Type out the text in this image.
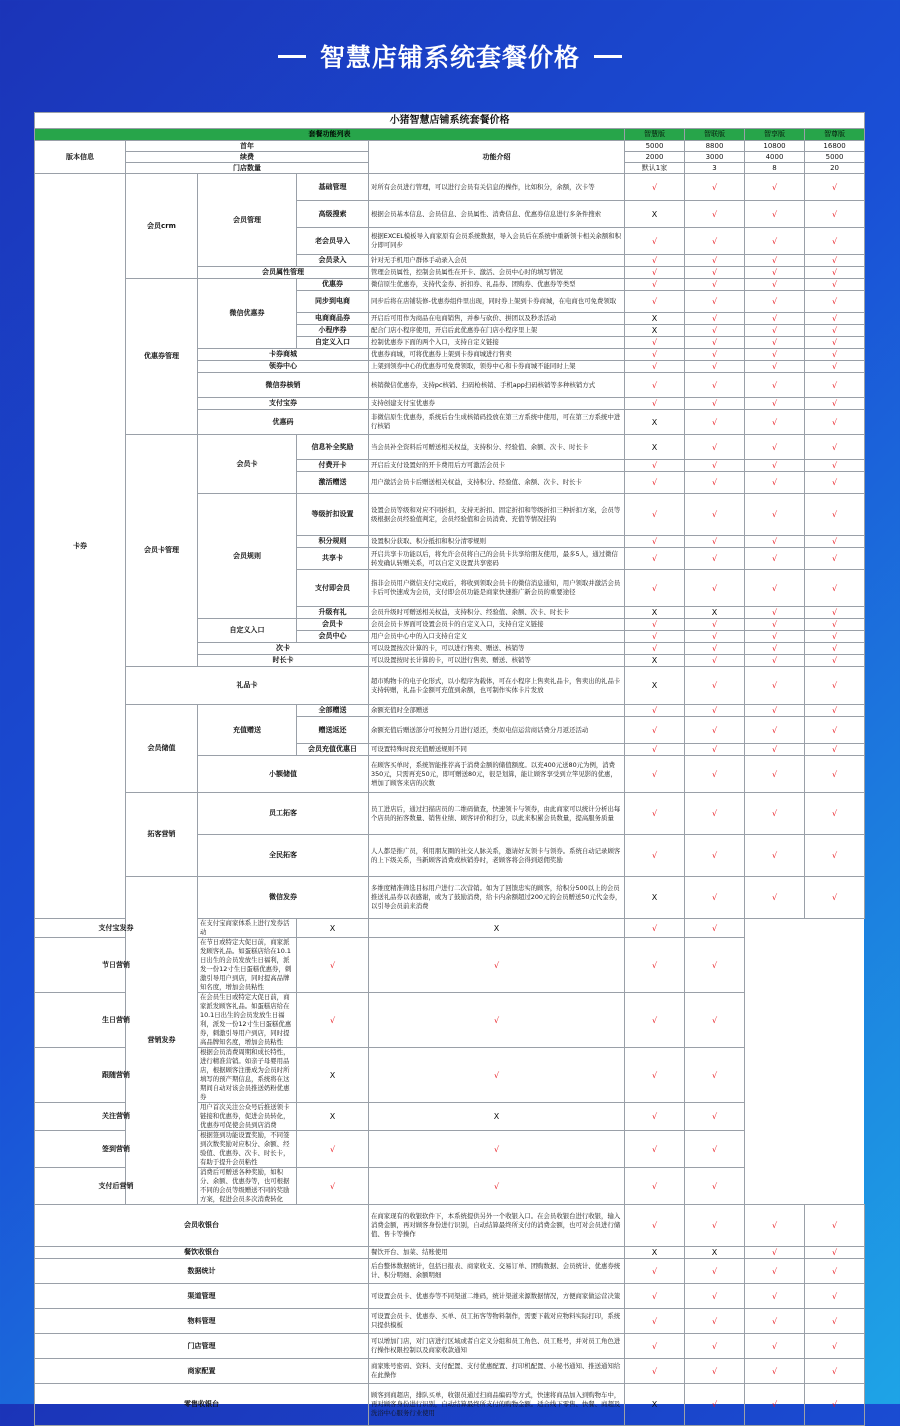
智慧店铺系统套餐价格
小猪智慧店铺系统套餐价格								
套餐功能列表					智慧版	智联版	智享版	智尊版
版本信息	首年			功能介绍	5000	8800	10800	16800
	续费				2000	3000	4000	5000
	门店数量				默认1家	3	8	20
卡券	会员crm	会员管理	基础管理	对所有会员进行管理，可以进行会员有关信息的操作，比如积分，余额，次卡等	√	√	√	√
			高级搜索	根据会员基本信息、会员信息、会员属性、消费信息、优惠券信息进行多条件搜索	X	√	√	√
			老会员导入	根据EXCEL模板导入商家原有会员系统数据，导入会员后在系统中重新领卡相关余额和积分即可同步	√	√	√	√
			会员录入	针对无手机用户群体手动录入会员	√	√	√	√
		会员属性管理		管理会员属性，控制会员属性在开卡、激活、会员中心时的填写情况	√	√	√	√
	优惠券管理	微信优惠券	优惠券	微信原生优惠券，支持代金券、折扣券、礼品券、团购券、优惠券等类型	√	√	√	√
			同步到电商	同步后将在店铺装修-优惠券组件里出现，同时券上架到卡券商城，在电商也可免费领取	√	√	√	√
			电商商品券	开启后可用作为商品在电商销售，并参与砍价、拼团以及秒杀活动	X	√	√	√
			小程序券	配合门店小程序使用，开启后此优惠券在门店小程序里上架	X	√	√	√
			自定义入口	控制优惠券下面的两个入口，支持自定义链接	√	√	√	√
		卡券商城		优惠券商城，可将优惠券上架到卡券商城进行售卖	√	√	√	√
		领券中心		上架到领券中心的优惠券可免费领取，领券中心和卡券商城不能同时上架	√	√	√	√
		微信券核销		核销微信优惠券，支持pc核销、扫码枪核销、手机app扫码核销等多种核销方式	√	√	√	√
		支付宝券		支持创建支付宝优惠券	√	√	√	√
		优惠码		非微信原生优惠券，系统后台生成核销码投放在第三方系统中使用，可在第三方系统中进行核销	X	√	√	√
	会员卡管理	会员卡	信息补全奖励	当会员补全资料后可赠送相关权益，支持积分、经验值、余额、次卡、时长卡	X	√	√	√
			付费开卡	开启后支付设置好的开卡费用后方可激活会员卡	√	√	√	√
			激活赠送	用户激活会员卡后赠送相关权益，支持积分、经验值、余额、次卡、时长卡	√	√	√	√
		会员规则	等级折扣设置	设置会员等级和对应不同折扣，支持无折扣、固定折扣和等级折扣三种折扣方案，会员等级根据会员经验值判定，会员经验值和会员消费、充值等情况挂钩	√	√	√	√
			积分规则	设置积分获取、积分抵扣和积分清零规则	√	√	√	√
			共享卡	开启共享卡功能以后，将允许会员将自己的会员卡共享给朋友使用，最多5人，通过微信转发确认转赠关系，可以自定义设置共享密码	√	√	√	√
			支付即会员	指非会员用户微信支付完成后，将收到领取会员卡的微信消息通知，用户领取并激活会员卡后可快速成为会员，支付即会员功能是商家快速推广新会员的重要途径	√	√	√	√
			升级有礼	会员升级时可赠送相关权益，支持积分、经验值、余额、次卡、时长卡	X	X	√	√
		自定义入口	会员卡	会员会员卡界面可设置会员卡的自定义入口，支持自定义链接	√	√	√	√
			会员中心	用户会员中心中的入口支持自定义	√	√	√	√
		次卡		可以设置按次计算的卡，可以进行售卖、赠送、核销等	√	√	√	√
		时长卡		可以设置按时长计算的卡，可以进行售卖、赠送、核销等	X	√	√	√
	礼品卡			超市购物卡的电子化形式，以小程序为载体，可在小程序上售卖礼品卡，售卖出的礼品卡支持转赠，礼品卡金额可充值到余额，也可制作实体卡片发放	X	√	√	√
	会员储值	充值赠送	全部赠送	余额充值时全部赠送	√	√	√	√
			赠送返还	余额充值后赠送部分可按照分月进行返还，类似电信运营商话费分月返还活动	√	√	√	√
			会员充值优惠日	可设置特殊时段充值赠送规则不同	√	√	√	√
		小额储值		在顾客买单时，系统智能推荐高于消费金额的储值额度。以充400元送80元为例，消费350元，只需再充50元，即可赠送80元，很是划算，能让顾客享受到立竿见影的优惠，增加了顾客来店的次数	√	√	√	√
	拓客营销	员工拓客		员工进店后，通过扫描店员的二维码做查，快速领卡与领券，由此商家可以统计分析出每个店员的拓客数量、销售业绩、顾客评价和打分，以此来积累会员数量，提高服务质量	√	√	√	√
		全民拓客		人人都是推广员，利用朋友圈的社交人脉关系，邀请好友领卡与领券。系统自动记录顾客的上下级关系，当新顾客消费或核销券时，老顾客将会得到返佣奖励	√	√	√	√
	营销发券	微信发券		多维度精准筛选目标用户进行二次营销。如为了回馈忠实的顾客，给积分500以上的会员推送礼品券以表感谢，或为了鼓励消费，给卡内余额超过200元的会员赠送50元代金券，以引导会员前来消费	X	√	√	√
支付宝发券		在支付宝商家体系上进行发券活动	X	X	√	√		
节日营销		在节日或特定大促日前，商家派发顾客礼品。如蛋糕店给在10.1日出生的会员发放生日福利，派发一份12寸生日蛋糕优惠券，刺激引导用户到店，同时提高品牌知名度，增加会员粘性	√	√	√	√		
生日营销		在会员生日或特定大促日前，商家派发顾客礼品。如蛋糕店给在10.1日出生的会员发放生日福利，派发一份12寸生日蛋糕优惠券，刺激引导用户到店，同时提高品牌知名度，增加会员粘性	√	√	√	√		
跟随营销		根据会员消费周期和成长特性，进行精准营销。如亲子母婴用品店，根据顾客注册成为会员时所填写的预产期信息，系统将在这期间自动对该会员推送奶粉优惠券	X	√	√	√		
关注营销		用户首次关注公众号后推送领卡链接和优惠券，促进会员转化，优惠券可促使会员到店消费	X	X	√	√		
签到营销		根据签到功能设置奖励，不同签到次数奖励对应积分、余额、经验值、优惠券、次卡、时长卡，有助于提升会员粘性	√	√	√	√		
支付后营销		消费后可赠送各种奖励，如积分、余额、优惠券等，也可根据不同的会员等级赠送不同的奖励方案，促进会员多次消费转化	√	√	√	√		
会员收银台				在商家现有的收银软件下，本系统提供另外一个收银入口。在会员收银台进行收银，输入消费金额，再对顾客身份进行识别，自动结算最终所支付的消费金额，也可对会员进行储值、售卡等操作	√	√	√	√
餐饮收银台				餐饮开台、加菜、结账使用	X	X	√	√
数据统计				后台整体数据统计，包括日报表、商家收支、交易订单、团购数据、会员统计、优惠券统计、积分明细、余额明细	√	√	√	√
渠道管理				可设置会员卡、优惠券等不同渠道二维码，统计渠道来源数据情况，方便商家做运营决策	√	√	√	√
物料管理				可设置会员卡、优惠券、买单、员工拓客等物料制作，需要下载对应物料实际打印，系统只提供模板	√	√	√	√
门店管理				可以增加门店，对门店进行区域或者自定义分组和员工角色、员工账号，并对员工角色进行操作权限控制以及商家收款通知	√	√	√	√
商家配置				商家账号密码、资料、支付配置、支付优惠配置、打印机配置、小秘书通知、推送通知给在此操作	√	√	√	√
零售收银台				顾客到商超店，排队买单，收银员通过扫商品编码等方式，快速将商品加入到购物车中，再对顾客身份进行识别，自动结算最终所支付的购物金额。适合线下零售、快餐、商超及洗浴中心服务行业使用	X	√	√	√
